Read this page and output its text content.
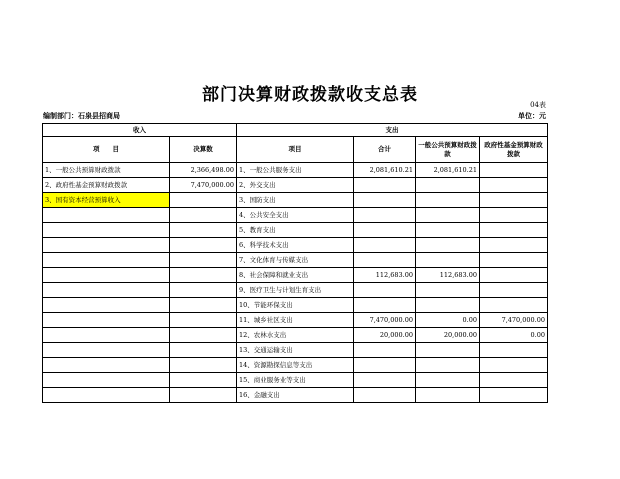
部门决算财政拨款收支总表	04表
编制部门：石泉县招商局	单位：元
收入		支出			
项　　目	决算数	项目	合计	一般公共预算财政拨款	政府性基金预算财政拨款
1、一般公共预算财政拨款	2,366,498.00	1、一般公共服务支出	2,081,610.21	2,081,610.21	
2、政府性基金预算财政拨款	7,470,000.00	2、外交支出			
3、国有资本经营预算收入		3、国防支出			
		4、公共安全支出			
		5、教育支出			
		6、科学技术支出			
		7、文化体育与传媒支出			
		8、社会保障和就业支出	112,683.00	112,683.00	
		9、医疗卫生与计划生育支出			
		10、节能环保支出			
		11、城乡社区支出	7,470,000.00	0.00	7,470,000.00
		12、农林水支出	20,000.00	20,000.00	0.00
		13、交通运输支出			
		14、资源勘探信息等支出			
		15、商业服务业等支出			
		16、金融支出			
